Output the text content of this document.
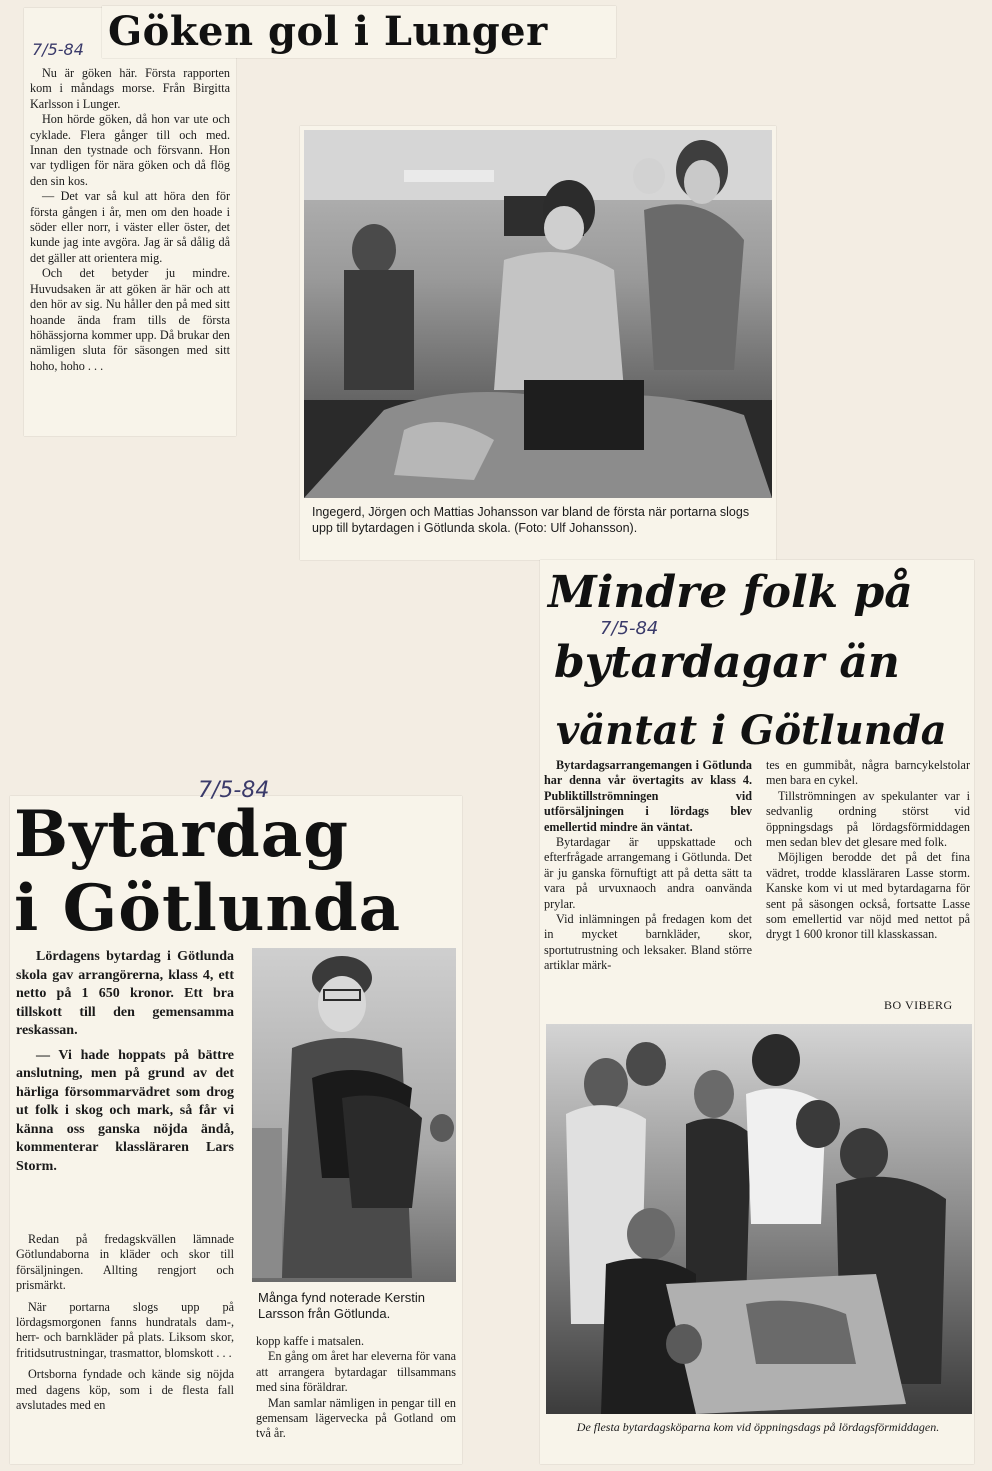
Göken gol i Lunger
7/5-84

Nu är göken här. Första rapporten kom i måndags morse. Från Birgitta Karlsson i Lunger.

Hon hörde göken, då hon var ute och cyklade. Flera gånger till och med. Innan den tystnade och försvann. Hon var tydligen för nära göken och då flög den sin kos.

— Det var så kul att höra den för första gången i år, men om den hoade i söder eller norr, i väster eller öster, det kunde jag inte avgöra. Jag är så dålig då det gäller att orientera mig.

Och det betyder ju mindre. Huvudsaken är att göken är här och att den hör av sig. Nu håller den på med sitt hoande ända fram tills de första höhässjorna kommer upp. Då brukar den nämligen sluta för säsongen med sitt hoho, hoho . . .

Ingegerd, Jörgen och Mattias Johansson var bland de första när portarna slogs upp till bytardagen i Götlunda skola. (Foto: Ulf Johansson).
Mindre folk på
bytardagar än
väntat i Götlunda
7/5-84

Bytardagsarrangemangen i Götlunda har denna vår övertagits av klass 4. Publiktillströmningen vid utförsäljningen i lördags blev emellertid mindre än väntat.

Bytardagar är uppskattade och efterfrågade arrangemang i Götlunda. Det är ju ganska förnuftigt att på detta sätt ta vara på urvuxnaoch andra oanvända prylar.

Vid inlämningen på fredagen kom det in mycket barnkläder, skor, sportutrustning och leksaker. Bland större artiklar märk-

tes en gummibåt, några barncykelstolar men bara en cykel.

Tillströmningen av spekulanter var i sedvanlig ordning störst vid öppningsdags på lördagsförmiddagen men sedan blev det glesare med folk.

Möjligen berodde det på det fina vädret, trodde klassläraren Lasse storm. Kanske kom vi ut med bytardagarna för sent på säsongen också, fortsatte Lasse som emellertid var nöjd med nettot på drygt 1 600 kronor till klasskassan.

BO VIBERG
De flesta bytardagsköparna kom vid öppningsdags på lördagsförmiddagen.
7/5-84
Bytardag
i Götlunda

Lördagens bytardag i Götlunda skola gav arrangörerna, klass 4, ett netto på 1 650 kronor. Ett bra tillskott till den gemensamma reskassan.

— Vi hade hoppats på bättre anslutning, men på grund av det härliga försommarvädret som drog ut folk i skog och mark, så får vi känna oss ganska nöjda ändå, kommenterar klassläraren Lars Storm.

Redan på fredagskvällen lämnade Götlundaborna in kläder och skor till försäljningen. Allting rengjort och prismärkt.

När portarna slogs upp på lördagsmorgonen fanns hundratals dam-, herr- och barnkläder på plats. Liksom skor, fritidsutrustningar, trasmattor, blomskott . . .

Ortsborna fyndade och kände sig nöjda med dagens köp, som i de flesta fall avslutades med en

Många fynd noterade Kerstin Larsson från Götlunda.

kopp kaffe i matsalen.

En gång om året har eleverna för vana att arrangera bytardagar tillsammans med sina föräldrar.

Man samlar nämligen in pengar till en gemensam lägervecka på Gotland om två år.
